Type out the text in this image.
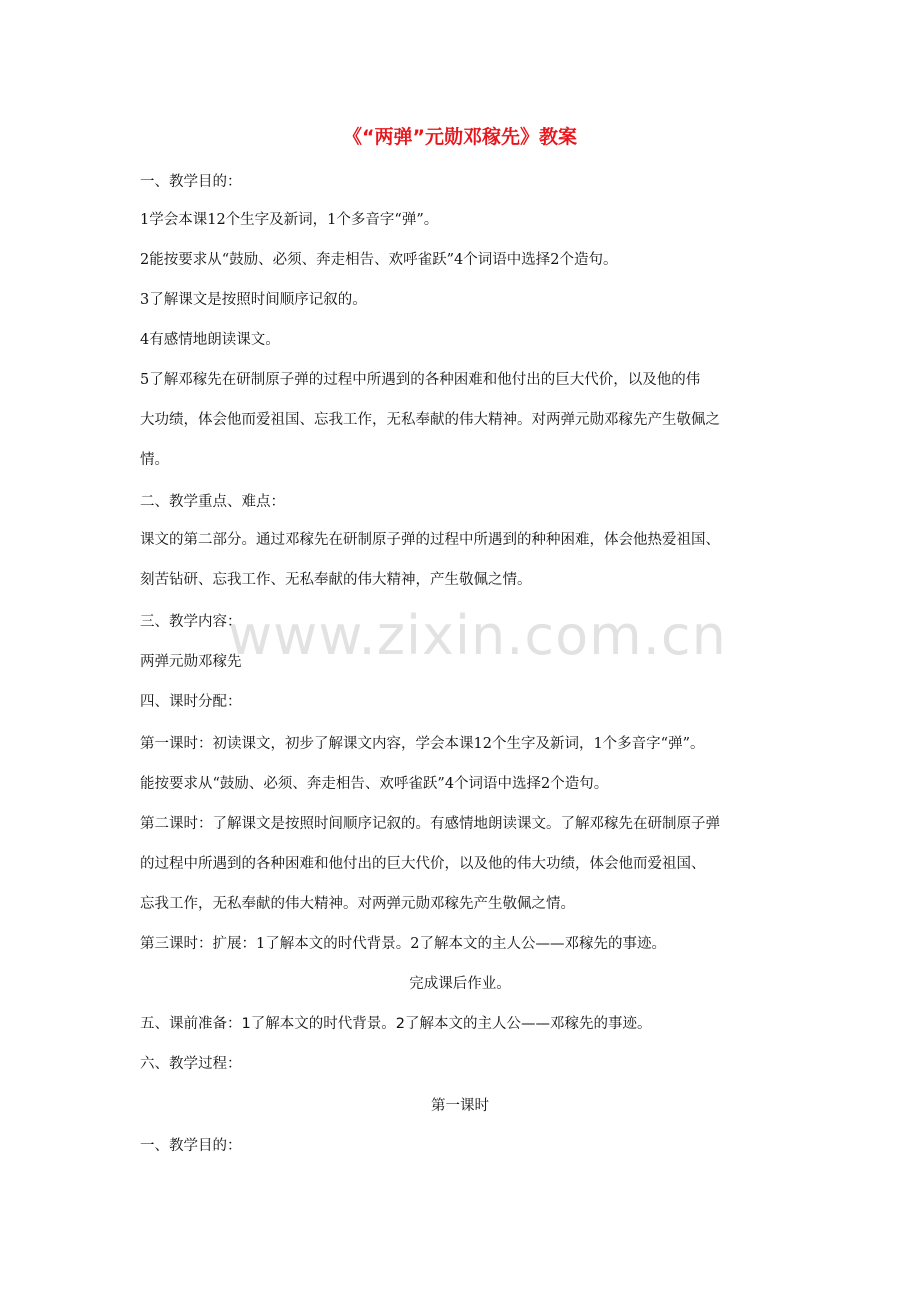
《“两弹”元勋邓稼先》教案
一、教学目的：
1学会本课12个生字及新词，1个多音字“弹”。
2能按要求从“鼓励、必须、奔走相告、欢呼雀跃”4个词语中选择2个造句。
3了解课文是按照时间顺序记叙的。
4有感情地朗读课文。
5了解邓稼先在研制原子弹的过程中所遇到的各种困难和他付出的巨大代价，以及他的伟
大功绩，体会他而爱祖国、忘我工作，无私奉献的伟大精神。对两弹元勋邓稼先产生敬佩之
情。
二、教学重点、难点：
课文的第二部分。通过邓稼先在研制原子弹的过程中所遇到的种种困难，体会他热爱祖国、
刻苦钻研、忘我工作、无私奉献的伟大精神，产生敬佩之情。
三、教学内容：
两弹元勋邓稼先
四、课时分配：
第一课时：初读课文，初步了解课文内容，学会本课12个生字及新词，1个多音字“弹”。
能按要求从“鼓励、必须、奔走相告、欢呼雀跃”4个词语中选择2个造句。
第二课时：了解课文是按照时间顺序记叙的。有感情地朗读课文。了解邓稼先在研制原子弹
的过程中所遇到的各种困难和他付出的巨大代价，以及他的伟大功绩，体会他而爱祖国、
忘我工作，无私奉献的伟大精神。对两弹元勋邓稼先产生敬佩之情。
第三课时：扩展：1了解本文的时代背景。2了解本文的主人公——邓稼先的事迹。
完成课后作业。
五、课前准备：1了解本文的时代背景。2了解本文的主人公——邓稼先的事迹。
六、教学过程：
第一课时
一、教学目的：
www.zixin.com.cn
